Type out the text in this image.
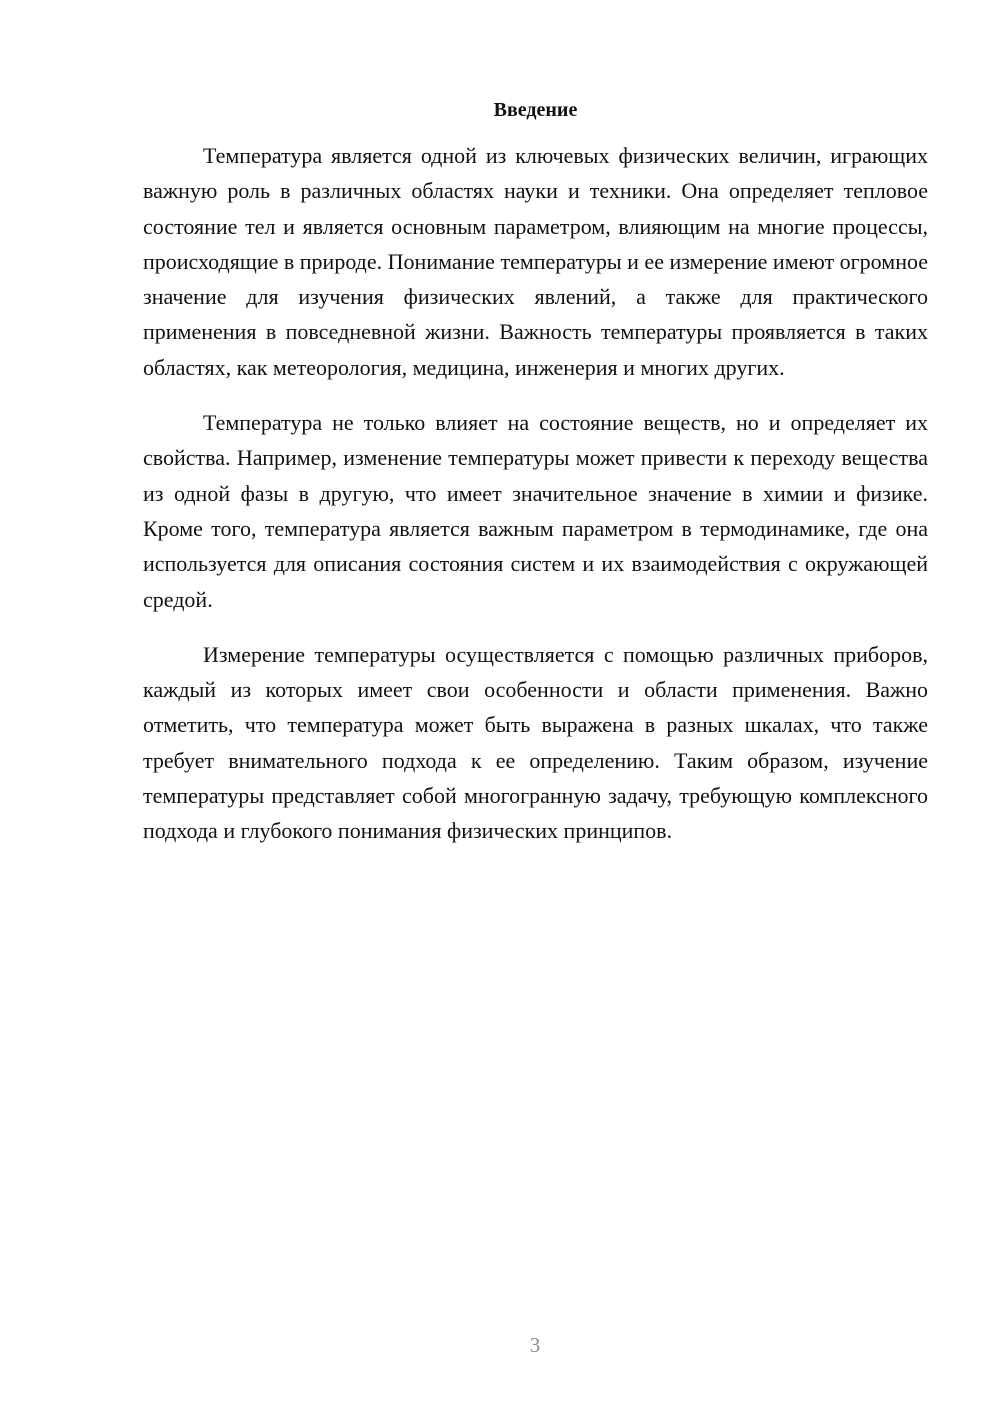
Введение

Температура является одной из ключевых физических величин, играющих важную роль в различных областях науки и техники. Она определяет тепловое состояние тел и является основным параметром, влияющим на многие процессы, происходящие в природе. Понимание температуры и ее измерение имеют огромное значение для изучения физических явлений, а также для практического применения в повседневной жизни. Важность температуры проявляется в таких областях, как метеорология, медицина, инженерия и многих других.

Температура не только влияет на состояние веществ, но и определяет их свойства. Например, изменение температуры может привести к переходу вещества из одной фазы в другую, что имеет значительное значение в химии и физике. Кроме того, температура является важным параметром в термодинамике, где она используется для описания состояния систем и их взаимодействия с окружающей средой.

Измерение температуры осуществляется с помощью различных приборов, каждый из которых имеет свои особенности и области применения. Важно отметить, что температура может быть выражена в разных шкалах, что также требует внимательного подхода к ее определению. Таким образом, изучение температуры представляет собой многогранную задачу, требующую комплексного подхода и глубокого понимания физических принципов.

3
